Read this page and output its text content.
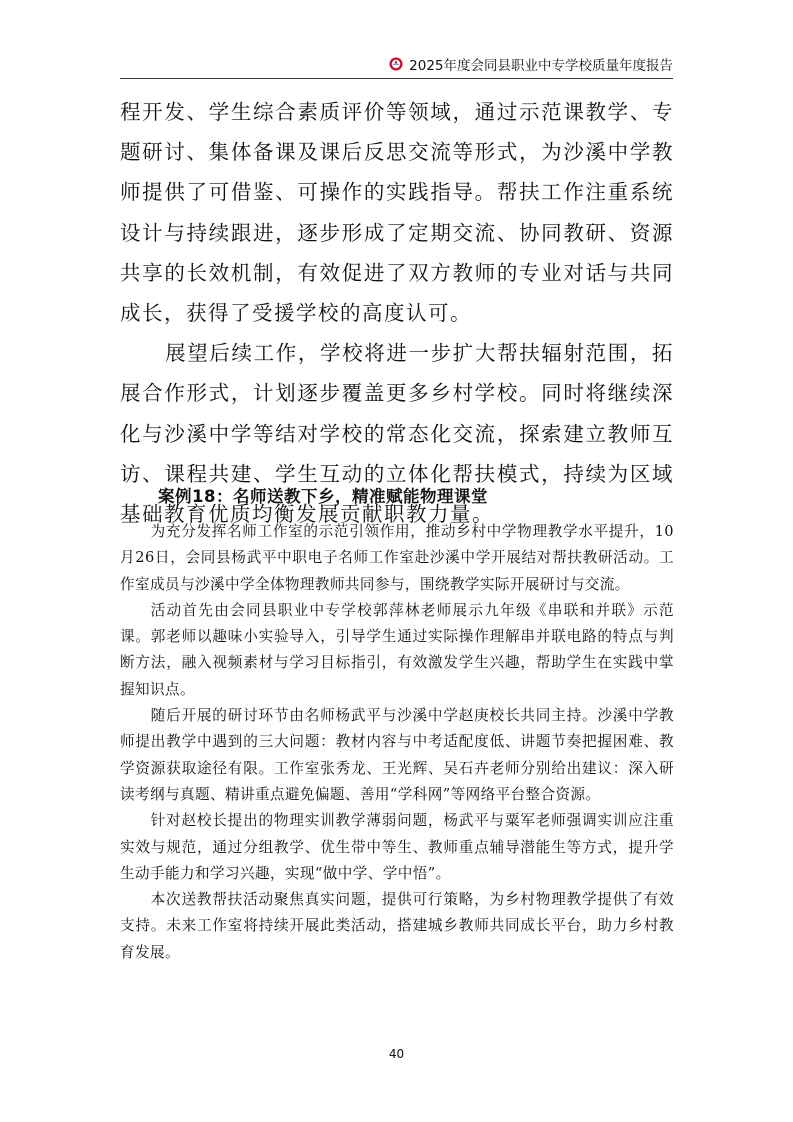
2025年度会同县职业中专学校质量年度报告

程开发、学生综合素质评价等领域，通过示范课教学、专题研讨、集体备课及课后反思交流等形式，为沙溪中学教师提供了可借鉴、可操作的实践指导。帮扶工作注重系统设计与持续跟进，逐步形成了定期交流、协同教研、资源共享的长效机制，有效促进了双方教师的专业对话与共同成长，获得了受援学校的高度认可。

展望后续工作，学校将进一步扩大帮扶辐射范围，拓展合作形式，计划逐步覆盖更多乡村学校。同时将继续深化与沙溪中学等结对学校的常态化交流，探索建立教师互访、课程共建、学生互动的立体化帮扶模式，持续为区域基础教育优质均衡发展贡献职教力量。

案例18：名师送教下乡，精准赋能物理课堂

为充分发挥名师工作室的示范引领作用，推动乡村中学物理教学水平提升，10月26日，会同县杨武平中职电子名师工作室赴沙溪中学开展结对帮扶教研活动。工作室成员与沙溪中学全体物理教师共同参与，围绕教学实际开展研讨与交流。

活动首先由会同县职业中专学校郭萍林老师展示九年级《串联和并联》示范课。郭老师以趣味小实验导入，引导学生通过实际操作理解串并联电路的特点与判断方法，融入视频素材与学习目标指引，有效激发学生兴趣，帮助学生在实践中掌握知识点。

随后开展的研讨环节由名师杨武平与沙溪中学赵庚校长共同主持。沙溪中学教师提出教学中遇到的三大问题：教材内容与中考适配度低、讲题节奏把握困难、教学资源获取途径有限。工作室张秀龙、王光辉、吴石卉老师分别给出建议：深入研读考纲与真题、精讲重点避免偏题、善用“学科网”等网络平台整合资源。

针对赵校长提出的物理实训教学薄弱问题，杨武平与粟军老师强调实训应注重实效与规范，通过分组教学、优生带中等生、教师重点辅导潜能生等方式，提升学生动手能力和学习兴趣，实现“做中学、学中悟”。

本次送教帮扶活动聚焦真实问题，提供可行策略，为乡村物理教学提供了有效支持。未来工作室将持续开展此类活动，搭建城乡教师共同成长平台，助力乡村教育发展。

40
